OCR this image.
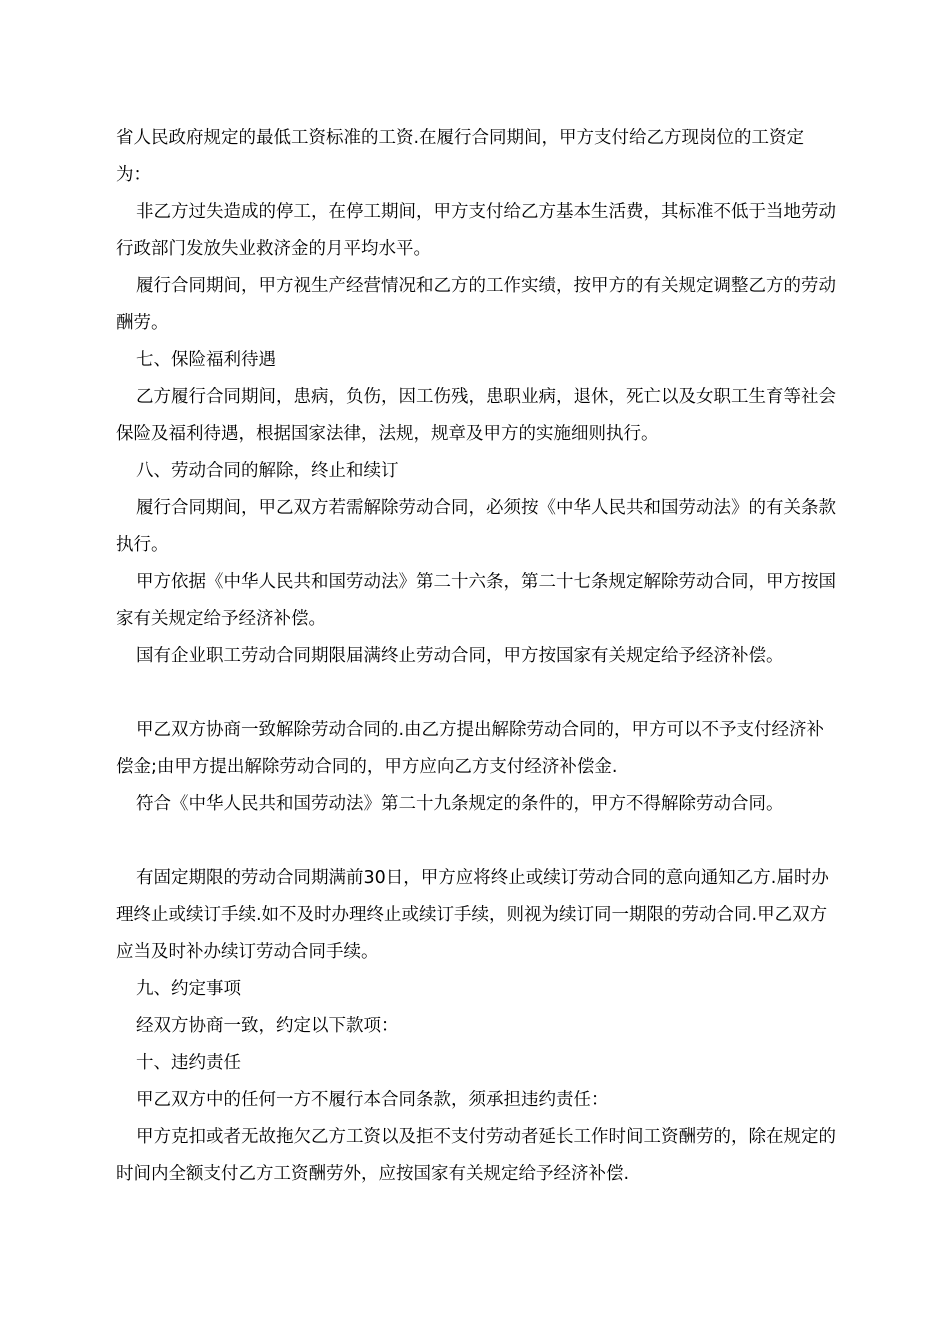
省人民政府规定的最低工资标准的工资.在履行合同期间，甲方支付给乙方现岗位的工资定为：

非乙方过失造成的停工，在停工期间，甲方支付给乙方基本生活费，其标准不低于当地劳动行政部门发放失业救济金的月平均水平。

履行合同期间，甲方视生产经营情况和乙方的工作实绩，按甲方的有关规定调整乙方的劳动酬劳。

七、保险福利待遇

乙方履行合同期间，患病，负伤，因工伤残，患职业病，退休，死亡以及女职工生育等社会保险及福利待遇，根据国家法律，法规，规章及甲方的实施细则执行。

八、劳动合同的解除，终止和续订

履行合同期间，甲乙双方若需解除劳动合同，必须按《中华人民共和国劳动法》的有关条款执行。

甲方依据《中华人民共和国劳动法》第二十六条，第二十七条规定解除劳动合同，甲方按国家有关规定给予经济补偿。

国有企业职工劳动合同期限届满终止劳动合同，甲方按国家有关规定给予经济补偿。

甲乙双方协商一致解除劳动合同的.由乙方提出解除劳动合同的，甲方可以不予支付经济补偿金;由甲方提出解除劳动合同的，甲方应向乙方支付经济补偿金.

符合《中华人民共和国劳动法》第二十九条规定的条件的，甲方不得解除劳动合同。

有固定期限的劳动合同期满前30日，甲方应将终止或续订劳动合同的意向通知乙方.届时办理终止或续订手续.如不及时办理终止或续订手续，则视为续订同一期限的劳动合同.甲乙双方应当及时补办续订劳动合同手续。

九、约定事项

经双方协商一致，约定以下款项：

十、违约责任

甲乙双方中的任何一方不履行本合同条款，须承担违约责任：

甲方克扣或者无故拖欠乙方工资以及拒不支付劳动者延长工作时间工资酬劳的，除在规定的时间内全额支付乙方工资酬劳外，应按国家有关规定给予经济补偿.
